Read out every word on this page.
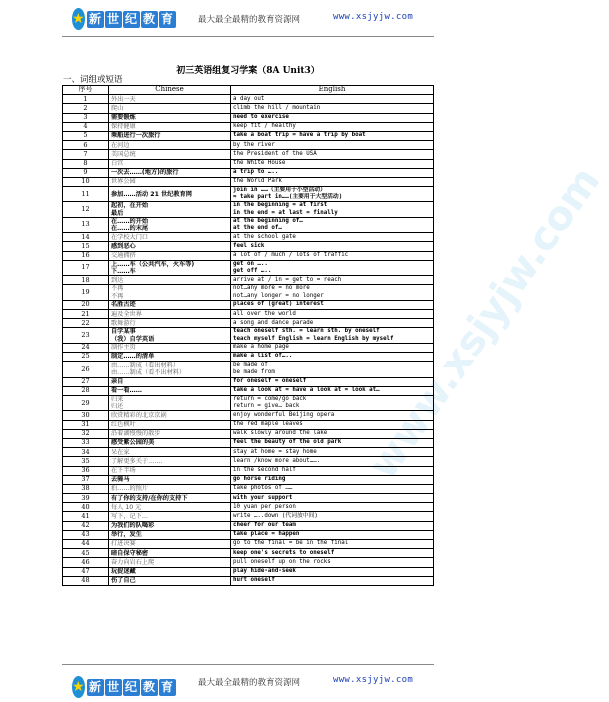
★ 新 世 纪 教 育	最大最全最精的教育资源网	www.xsjyjw.com
初三英语组复习学案（8A Unit3）
一、词组或短语
www.xsjyjw.com
序号	Chinese	English
1	外出一天	a day out

2	爬山	climb the hill / mountain

3	需要锻炼	need to exercise

4	保持健康	keep fit / healthy

5	乘船进行一次旅行	take a boat trip = have a trip by boat

6	在河边	by the river

7	美国总统	the President of the USA

8	白宫	the White House

9	一次去……(地方)的旅行	a trip to …..

10	世界公园	the World Park

11	参加……活动 21 世纪教育网	join in ……（主要用于小型活动）
= take part in……(主要用于大型活动)

12	起初，在开始
最后	in the beginning = at first
in the end = at last = finally

13	在……的开始
在……的末尾	at the beginning of…
at the end of…

14	在学校大门口	at the school gate

15	感到恶心	feel sick

16	交通拥挤	a lot of / much / lots of traffic

17	上……车（公共汽车，火车等)
下……车	get on …..
get off …..

18	到达	arrive at / in = get to = reach

19	不再
不再	not…any more = no more
not…any longer = no longer

20	名胜古迹	places of (great) interest

21	遍及全世界	all over the world

22	歌舞游行	a song and dance parade

23	自学某事
（我）自学英语	teach oneself sth. = learn sth. by oneself
teach myself English = learn English by myself

24	制作主页	make a home page

25	制定……的清单	make a list of…..

26	由……制成（看出材料）
由……制成（看不出材料）	be made of
be made from

27	亲自	for oneself = oneself

28	看一看……	take a look at = have a look at = look at…

29	归来
归还	return = come/go back
return = give… back

30	欣赏精彩的北京京剧	enjoy wonderful Beijing opera

31	红色枫叶	the red maple leaves

32	沿着湖慢慢的散步	walk slowly around the lake

33	感受紫公园的美	feel the beauty of the old park

34	呆在家	stay at home = stay home

35	了解更多关于…….	learn /know more about…….

36	在下半场	in the second half

37	去骑马	go horse riding

38	拍……的照片	take photos of ……

39	有了你的支持/在你的支持下	with your support

40	每人 10 元	10 yuan per person

41	写下，记下…	write …..down (代词放中间)

42	为我们的队喝彩	cheer for our team

43	举行，发生	take place = happen

44	打进决赛	go to the final = be in the final

45	暗自保守秘密	keep one's secrets to oneself

46	奋力向岩石上爬	pull oneself up on the rocks

47	玩捉迷藏	play hide-and-seek

48	伤了自己	hurt oneself
最大最全最精的教育资源网	www.xsjyjw.com
★ 新 世 纪 教 育
